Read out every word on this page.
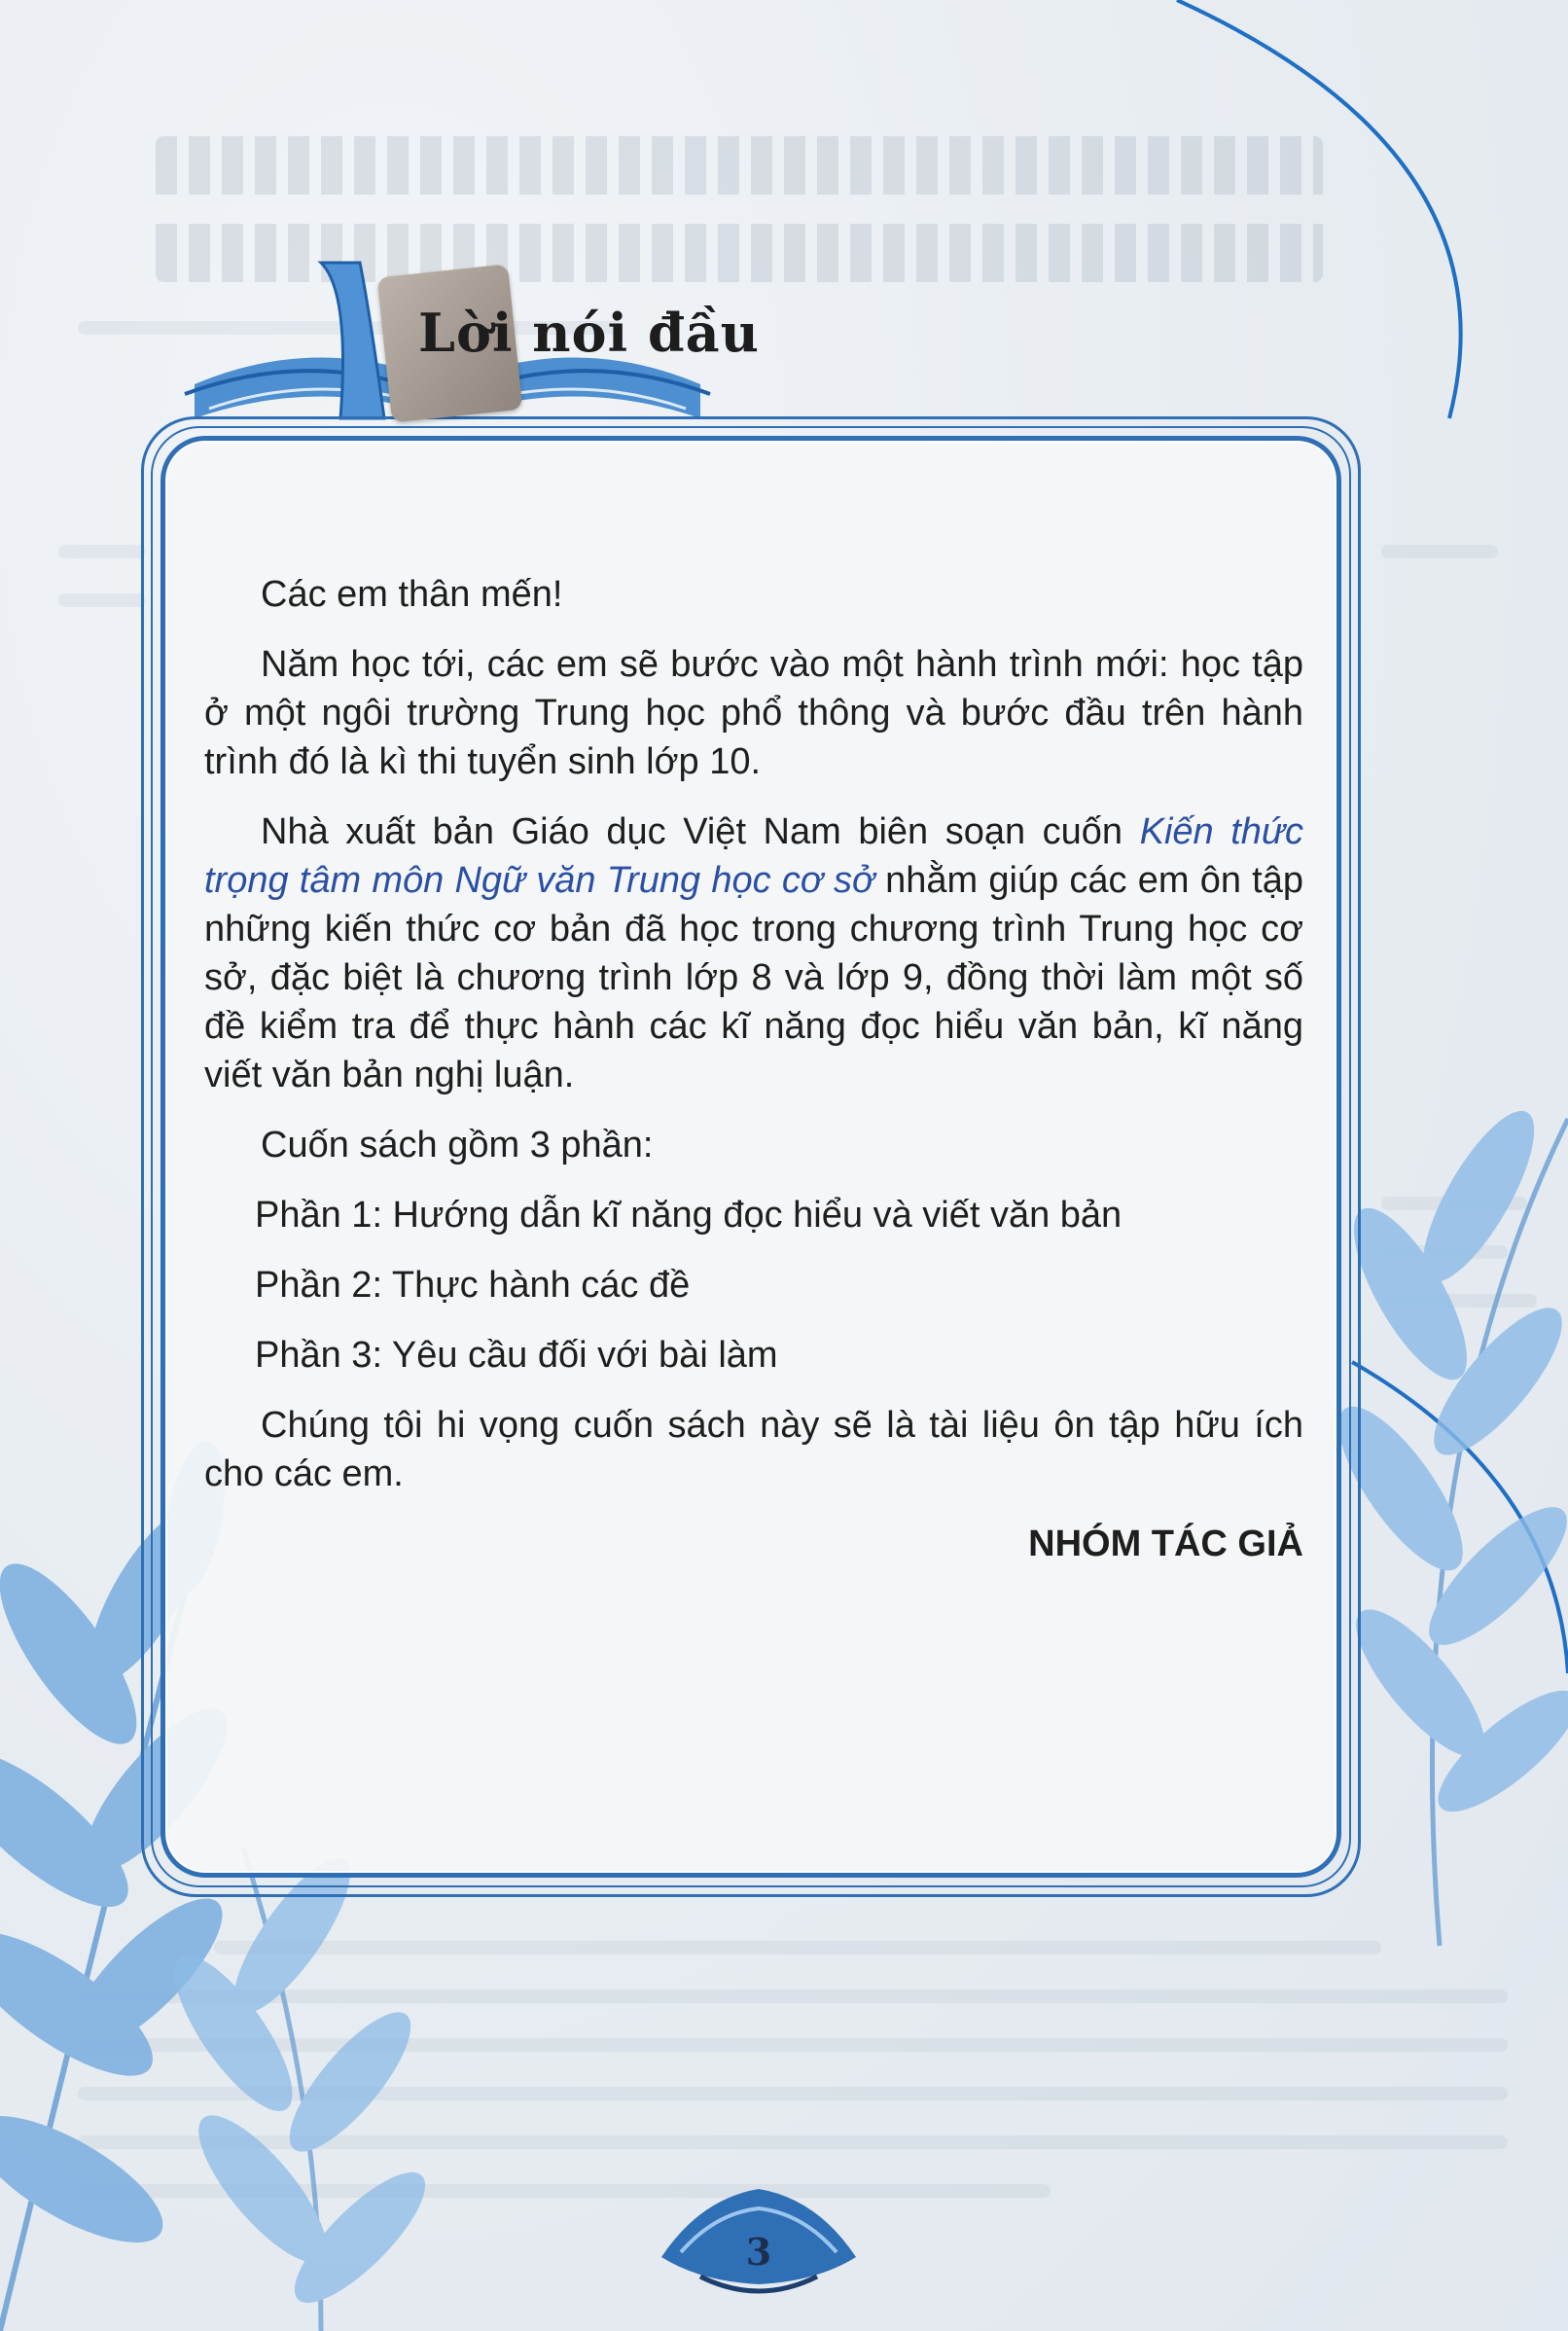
Lời nói đầu
Các em thân mến!
Năm học tới, các em sẽ bước vào một hành trình mới: học tập ở một ngôi trường Trung học phổ thông và bước đầu trên hành trình đó là kì thi tuyển sinh lớp 10.
Nhà xuất bản Giáo dục Việt Nam biên soạn cuốn Kiến thức trọng tâm môn Ngữ văn Trung học cơ sở nhằm giúp các em ôn tập những kiến thức cơ bản đã học trong chương trình Trung học cơ sở, đặc biệt là chương trình lớp 8 và lớp 9, đồng thời làm một số đề kiểm tra để thực hành các kĩ năng đọc hiểu văn bản, kĩ năng viết văn bản nghị luận.
Cuốn sách gồm 3 phần:
Phần 1: Hướng dẫn kĩ năng đọc hiểu và viết văn bản
Phần 2: Thực hành các đề
Phần 3: Yêu cầu đối với bài làm
Chúng tôi hi vọng cuốn sách này sẽ là tài liệu ôn tập hữu ích cho các em.
NHÓM TÁC GIẢ
3
